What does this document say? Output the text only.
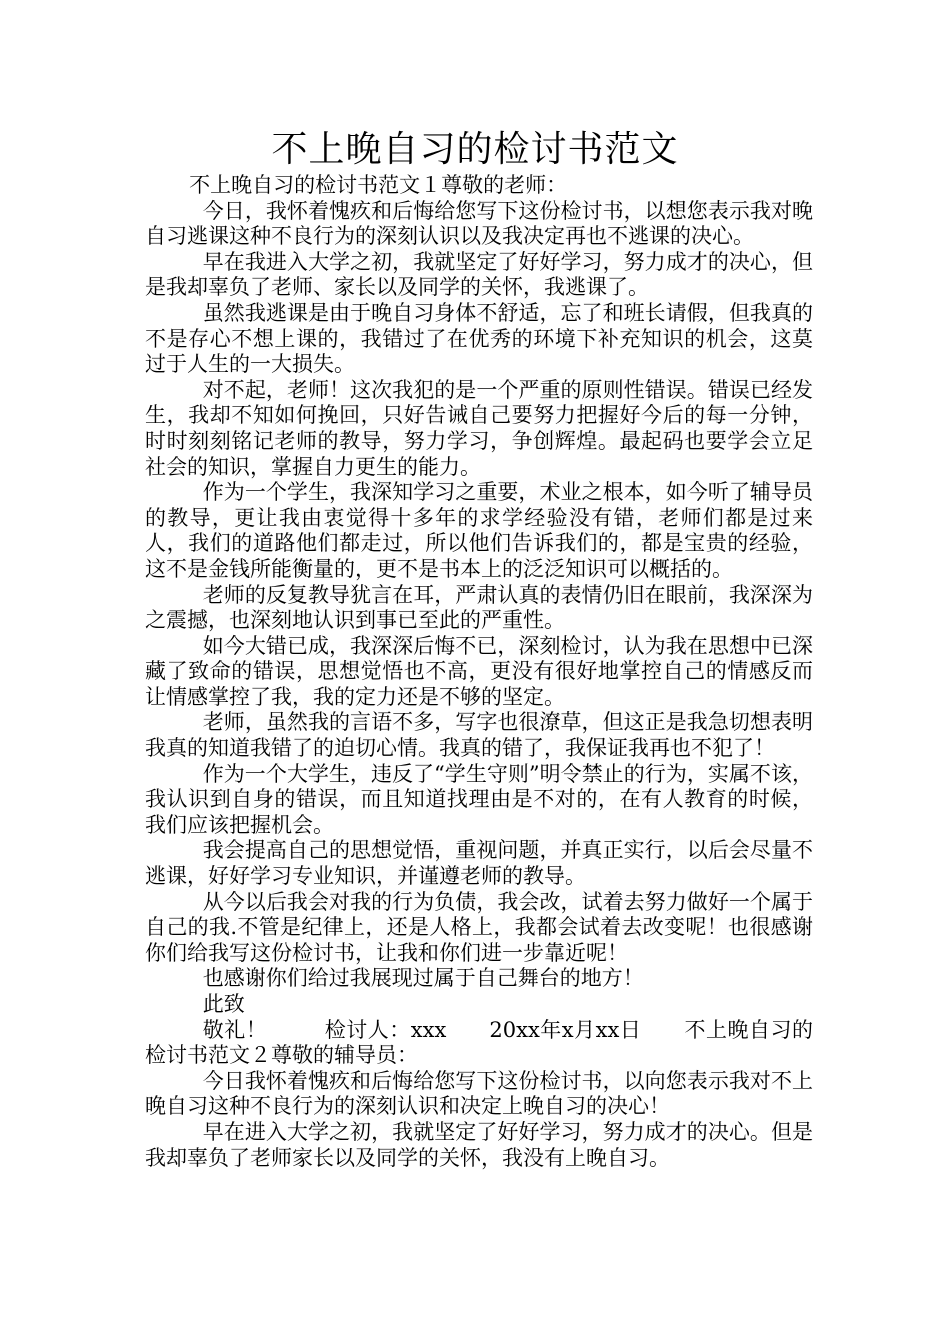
不上晚自习的检讨书范文

不上晚自习的检讨书范文１尊敬的老师：

今日，我怀着愧疚和后悔给您写下这份检讨书，以想您表示我对晚自习逃课这种不良行为的深刻认识以及我决定再也不逃课的决心。

早在我进入大学之初，我就坚定了好好学习，努力成才的决心，但是我却辜负了老师、家长以及同学的关怀，我逃课了。

虽然我逃课是由于晚自习身体不舒适，忘了和班长请假，但我真的不是存心不想上课的，我错过了在优秀的环境下补充知识的机会，这莫过于人生的一大损失。

对不起，老师！这次我犯的是一个严重的原则性错误。错误已经发生，我却不知如何挽回，只好告诫自己要努力把握好今后的每一分钟，时时刻刻铭记老师的教导，努力学习，争创辉煌。最起码也要学会立足社会的知识，掌握自力更生的能力。

作为一个学生，我深知学习之重要，术业之根本，如今听了辅导员的教导，更让我由衷觉得十多年的求学经验没有错，老师们都是过来人，我们的道路他们都走过，所以他们告诉我们的，都是宝贵的经验，这不是金钱所能衡量的，更不是书本上的泛泛知识可以概括的。

老师的反复教导犹言在耳，严肃认真的表情仍旧在眼前，我深深为之震撼，也深刻地认识到事已至此的严重性。

如今大错已成，我深深后悔不已，深刻检讨，认为我在思想中已深藏了致命的错误，思想觉悟也不高，更没有很好地掌控自己的情感反而让情感掌控了我，我的定力还是不够的坚定。

老师，虽然我的言语不多，写字也很潦草，但这正是我急切想表明我真的知道我错了的迫切心情。我真的错了，我保证我再也不犯了！

作为一个大学生，违反了“学生守则”明令禁止的行为，实属不该，我认识到自身的错误，而且知道找理由是不对的，在有人教育的时候，我们应该把握机会。

我会提高自己的思想觉悟，重视问题，并真正实行，以后会尽量不逃课，好好学习专业知识，并谨遵老师的教导。

从今以后我会对我的行为负债，我会改，试着去努力做好一个属于自己的我.不管是纪律上，还是人格上，我都会试着去改变呢！也很感谢你们给我写这份检讨书，让我和你们进一步靠近呢！

也感谢你们给过我展现过属于自己舞台的地方！

此致

敬礼！	检讨人：xxx 20xx年x月xx日 不上晚自习的检讨书范文２尊敬的辅导员：

今日我怀着愧疚和后悔给您写下这份检讨书，以向您表示我对不上晚自习这种不良行为的深刻认识和决定上晚自习的决心！

早在进入大学之初，我就坚定了好好学习，努力成才的决心。但是我却辜负了老师家长以及同学的关怀，我没有上晚自习。
